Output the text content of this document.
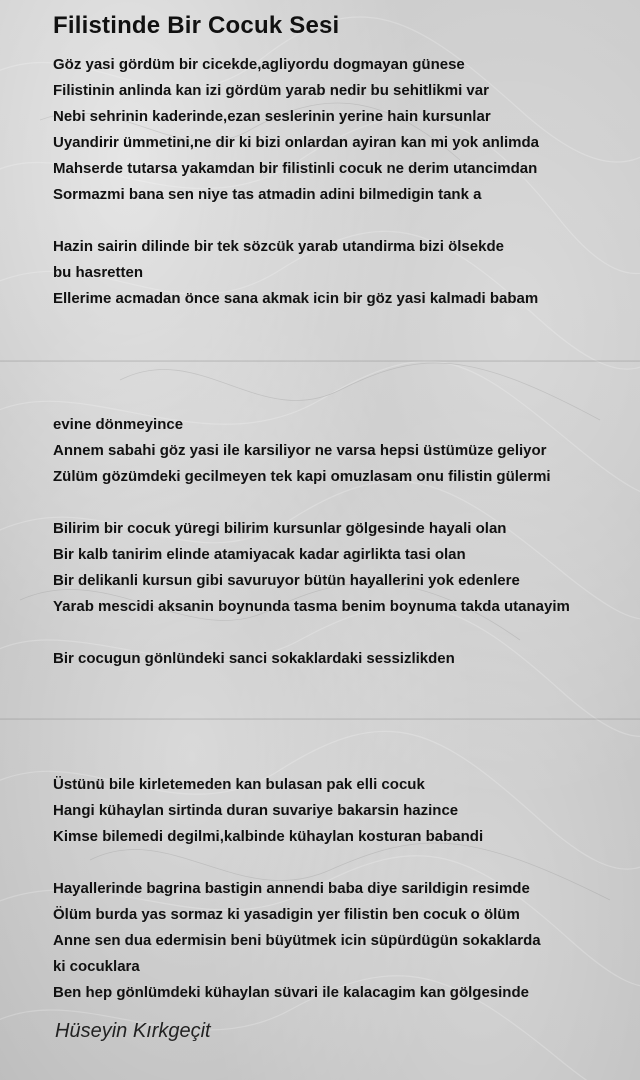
Filistinde Bir Cocuk Sesi
Göz yasi gördüm bir cicekde,agliyordu dogmayan günese
Filistinin anlinda kan izi gördüm yarab nedir bu sehitlikmi var
Nebi sehrinin kaderinde,ezan seslerinin yerine hain kursunlar
Uyandirir ümmetini,ne dir ki bizi onlardan ayiran kan mi yok anlimda
Mahserde tutarsa yakamdan bir filistinli cocuk ne derim utancimdan
Sormazmi bana sen niye tas atmadin adini bilmedigin tank a
Hazin sairin dilinde bir tek sözcük yarab utandirma bizi ölsekde
bu hasretten
Ellerime acmadan önce sana akmak icin bir göz yasi kalmadi babam
evine dönmeyince
Annem sabahi göz yasi ile karsiliyor ne varsa hepsi üstümüze geliyor
Zülüm gözümdeki gecilmeyen tek kapi omuzlasam onu filistin gülermi
Bilirim bir cocuk yüregi bilirim kursunlar gölgesinde hayali olan
Bir kalb tanirim elinde atamiyacak kadar agirlikta tasi olan
Bir delikanli kursun gibi savuruyor bütün hayallerini yok edenlere
Yarab mescidi aksanin boynunda tasma benim boynuma takda utanayim
Bir cocugun gönlündeki sanci sokaklardaki sessizlikden
Üstünü bile kirletemeden kan bulasan pak elli cocuk
Hangi kühaylan sirtinda duran suvariye bakarsin hazince
Kimse bilemedi degilmi,kalbinde kühaylan kosturan babandi
Hayallerinde bagrina bastigin annendi baba diye sarildigin resimde
Ölüm burda yas sormaz ki yasadigin yer filistin ben cocuk o ölüm
Anne sen dua edermisin beni büyütmek icin süpürdügün sokaklarda
ki cocuklara
Ben hep gönlümdeki kühaylan süvari ile kalacagim kan gölgesinde
Hüseyin Kırkgeçit
